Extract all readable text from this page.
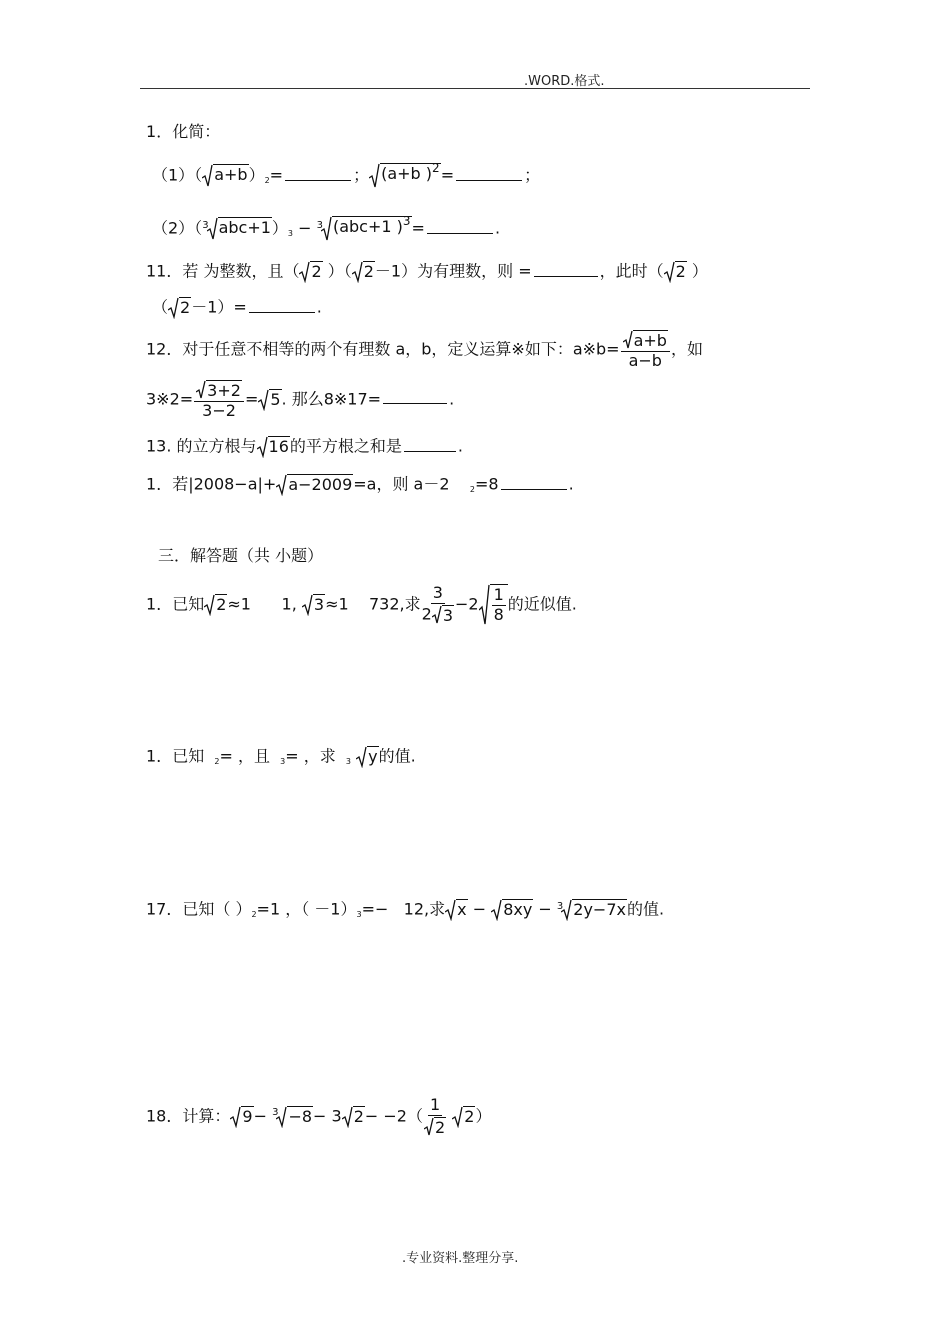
.WORD.格式.
1．化简：
（1）（ a+b ）2=	； (a+b )$^2$ =	；
（2）（$^3$ abc+1 ）3 − $^3$ (abc+1 )$^3$ =	.
11．若 为整数，且（ 2 ）（ 2 －1）为有理数，则 =	，此时（ 2 ）
（ 2 －1）=	.
12．对于任意不相等的两个有理数 a，b，定义运算※如下：a※b= $\frac{a+b}{a-b}$ ，如
3※2= $\frac{3+2}{3-2} = 5$ . 那么8※17=	.
13. 的立方根与 16 的平方根之和是	.
1．若|2008−a|+ a−2009 =a，则 a－2	2=8	.
三．解答题（共 小题）
1．已知 2 ≈1 1, 3 ≈1 732,求 $\frac{3}{2 3} -2 \frac{1}{8}$ 的近似值.
1．已知 2= ，且 3= ，求 3 y 的值.
17．已知（ ）2=1 ，（ －1）3=−   12,求 x − 8xy − $^3$ 2y−7x 的值.
18．计算： 9 − $^3$ −8 − 3 $2 - -2( \frac{1}{2}$
2 ）
.专业资料.整理分享.
